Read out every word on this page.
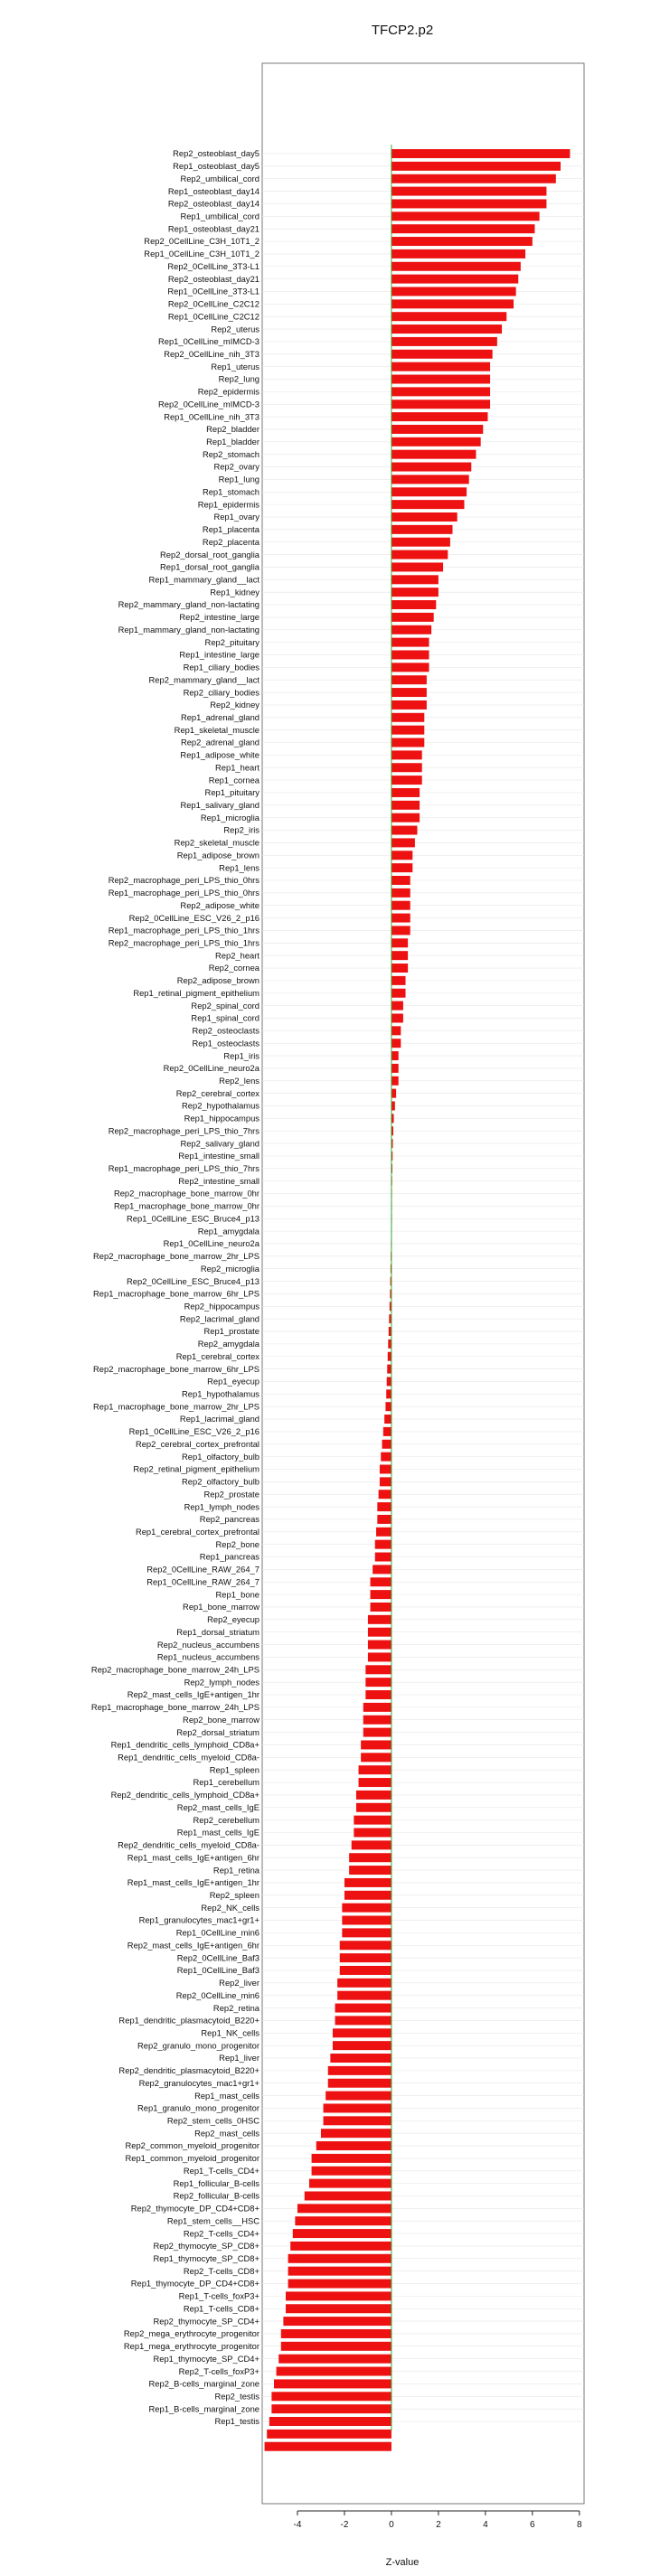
Rep2_osteoblast_day5
Rep1_osteoblast_day5
Rep2_umbilical_cord
Rep1_osteoblast_day14
Rep2_osteoblast_day14
Rep1_umbilical_cord
Rep1_osteoblast_day21
Rep2_0CellLine_C3H_10T1_2
Rep1_0CellLine_C3H_10T1_2
Rep2_0CellLine_3T3-L1
Rep2_osteoblast_day21
Rep1_0CellLine_3T3-L1
Rep2_0CellLine_C2C12
Rep1_0CellLine_C2C12
Rep2_uterus
Rep1_0CellLine_mIMCD-3
Rep2_0CellLine_nih_3T3
Rep1_uterus
Rep2_lung
Rep2_epidermis
Rep2_0CellLine_mIMCD-3
Rep1_0CellLine_nih_3T3
Rep2_bladder
Rep1_bladder
Rep2_stomach
Rep2_ovary
Rep1_lung
Rep1_stomach
Rep1_epidermis
Rep1_ovary
Rep1_placenta
Rep2_placenta
Rep2_dorsal_root_ganglia
Rep1_dorsal_root_ganglia
Rep1_mammary_gland__lact
Rep1_kidney
Rep2_mammary_gland_non-lactating
Rep2_intestine_large
Rep1_mammary_gland_non-lactating
Rep2_pituitary
Rep1_intestine_large
Rep1_ciliary_bodies
Rep2_mammary_gland__lact
Rep2_ciliary_bodies
Rep2_kidney
Rep1_adrenal_gland
Rep1_skeletal_muscle
Rep2_adrenal_gland
Rep1_adipose_white
Rep1_heart
Rep1_cornea
Rep1_pituitary
Rep1_salivary_gland
Rep1_microglia
Rep2_iris
Rep2_skeletal_muscle
Rep1_adipose_brown
Rep1_lens
Rep2_macrophage_peri_LPS_thio_0hrs
Rep1_macrophage_peri_LPS_thio_0hrs
Rep2_adipose_white
Rep2_0CellLine_ESC_V26_2_p16
Rep1_macrophage_peri_LPS_thio_1hrs
Rep2_macrophage_peri_LPS_thio_1hrs
Rep2_heart
Rep2_cornea
Rep2_adipose_brown
Rep1_retinal_pigment_epithelium
Rep2_spinal_cord
Rep1_spinal_cord
Rep2_osteoclasts
Rep1_osteoclasts
Rep1_iris
Rep2_0CellLine_neuro2a
Rep2_lens
Rep2_cerebral_cortex
Rep2_hypothalamus
Rep1_hippocampus
Rep2_macrophage_peri_LPS_thio_7hrs
Rep2_salivary_gland
Rep1_intestine_small
Rep1_macrophage_peri_LPS_thio_7hrs
Rep2_intestine_small
Rep2_macrophage_bone_marrow_0hr
Rep1_macrophage_bone_marrow_0hr
Rep1_0CellLine_ESC_Bruce4_p13
Rep1_amygdala
Rep1_0CellLine_neuro2a
Rep2_macrophage_bone_marrow_2hr_LPS
Rep2_microglia
Rep2_0CellLine_ESC_Bruce4_p13
Rep1_macrophage_bone_marrow_6hr_LPS
Rep2_hippocampus
Rep2_lacrimal_gland
Rep1_prostate
Rep2_amygdala
Rep1_cerebral_cortex
Rep2_macrophage_bone_marrow_6hr_LPS
Rep1_eyecup
Rep1_hypothalamus
Rep1_macrophage_bone_marrow_2hr_LPS
Rep1_lacrimal_gland
Rep1_0CellLine_ESC_V26_2_p16
Rep2_cerebral_cortex_prefrontal
Rep1_olfactory_bulb
Rep2_retinal_pigment_epithelium
Rep2_olfactory_bulb
Rep2_prostate
Rep1_lymph_nodes
Rep2_pancreas
Rep1_cerebral_cortex_prefrontal
Rep2_bone
Rep1_pancreas
Rep2_0CellLine_RAW_264_7
Rep1_0CellLine_RAW_264_7
Rep1_bone
Rep1_bone_marrow
Rep2_eyecup
Rep1_dorsal_striatum
Rep2_nucleus_accumbens
Rep1_nucleus_accumbens
Rep2_macrophage_bone_marrow_24h_LPS
Rep2_lymph_nodes
Rep2_mast_cells_IgE+antigen_1hr
Rep1_macrophage_bone_marrow_24h_LPS
Rep2_bone_marrow
Rep2_dorsal_striatum
Rep1_dendritic_cells_lymphoid_CD8a+
Rep1_dendritic_cells_myeloid_CD8a-
Rep1_spleen
Rep1_cerebellum
Rep2_dendritic_cells_lymphoid_CD8a+
Rep2_mast_cells_IgE
Rep2_cerebellum
Rep1_mast_cells_IgE
Rep2_dendritic_cells_myeloid_CD8a-
Rep1_mast_cells_IgE+antigen_6hr
Rep1_retina
Rep1_mast_cells_IgE+antigen_1hr
Rep2_spleen
Rep2_NK_cells
Rep1_granulocytes_mac1+gr1+
Rep1_0CellLine_min6
Rep2_mast_cells_IgE+antigen_6hr
Rep2_0CellLine_Baf3
Rep1_0CellLine_Baf3
Rep2_liver
Rep2_0CellLine_min6
Rep2_retina
Rep1_dendritic_plasmacytoid_B220+
Rep1_NK_cells
Rep2_granulo_mono_progenitor
Rep1_liver
Rep2_dendritic_plasmacytoid_B220+
Rep2_granulocytes_mac1+gr1+
Rep1_mast_cells
Rep1_granulo_mono_progenitor
Rep2_stem_cells_0HSC
Rep2_mast_cells
Rep2_common_myeloid_progenitor
Rep1_common_myeloid_progenitor
Rep1_T-cells_CD4+
Rep1_follicular_B-cells
Rep2_follicular_B-cells
Rep2_thymocyte_DP_CD4+CD8+
Rep1_stem_cells__HSC
Rep2_T-cells_CD4+
Rep2_thymocyte_SP_CD8+
Rep1_thymocyte_SP_CD8+
Rep2_T-cells_CD8+
Rep1_thymocyte_DP_CD4+CD8+
Rep1_T-cells_foxP3+
Rep1_T-cells_CD8+
Rep2_thymocyte_SP_CD4+
Rep2_mega_erythrocyte_progenitor
Rep1_mega_erythrocyte_progenitor
Rep1_thymocyte_SP_CD4+
Rep2_T-cells_foxP3+
Rep2_B-cells_marginal_zone
Rep2_testis
Rep1_B-cells_marginal_zone
Rep1_testis
-4	-2	0	2	4	6	8
TFCP2.p2
Z-value
